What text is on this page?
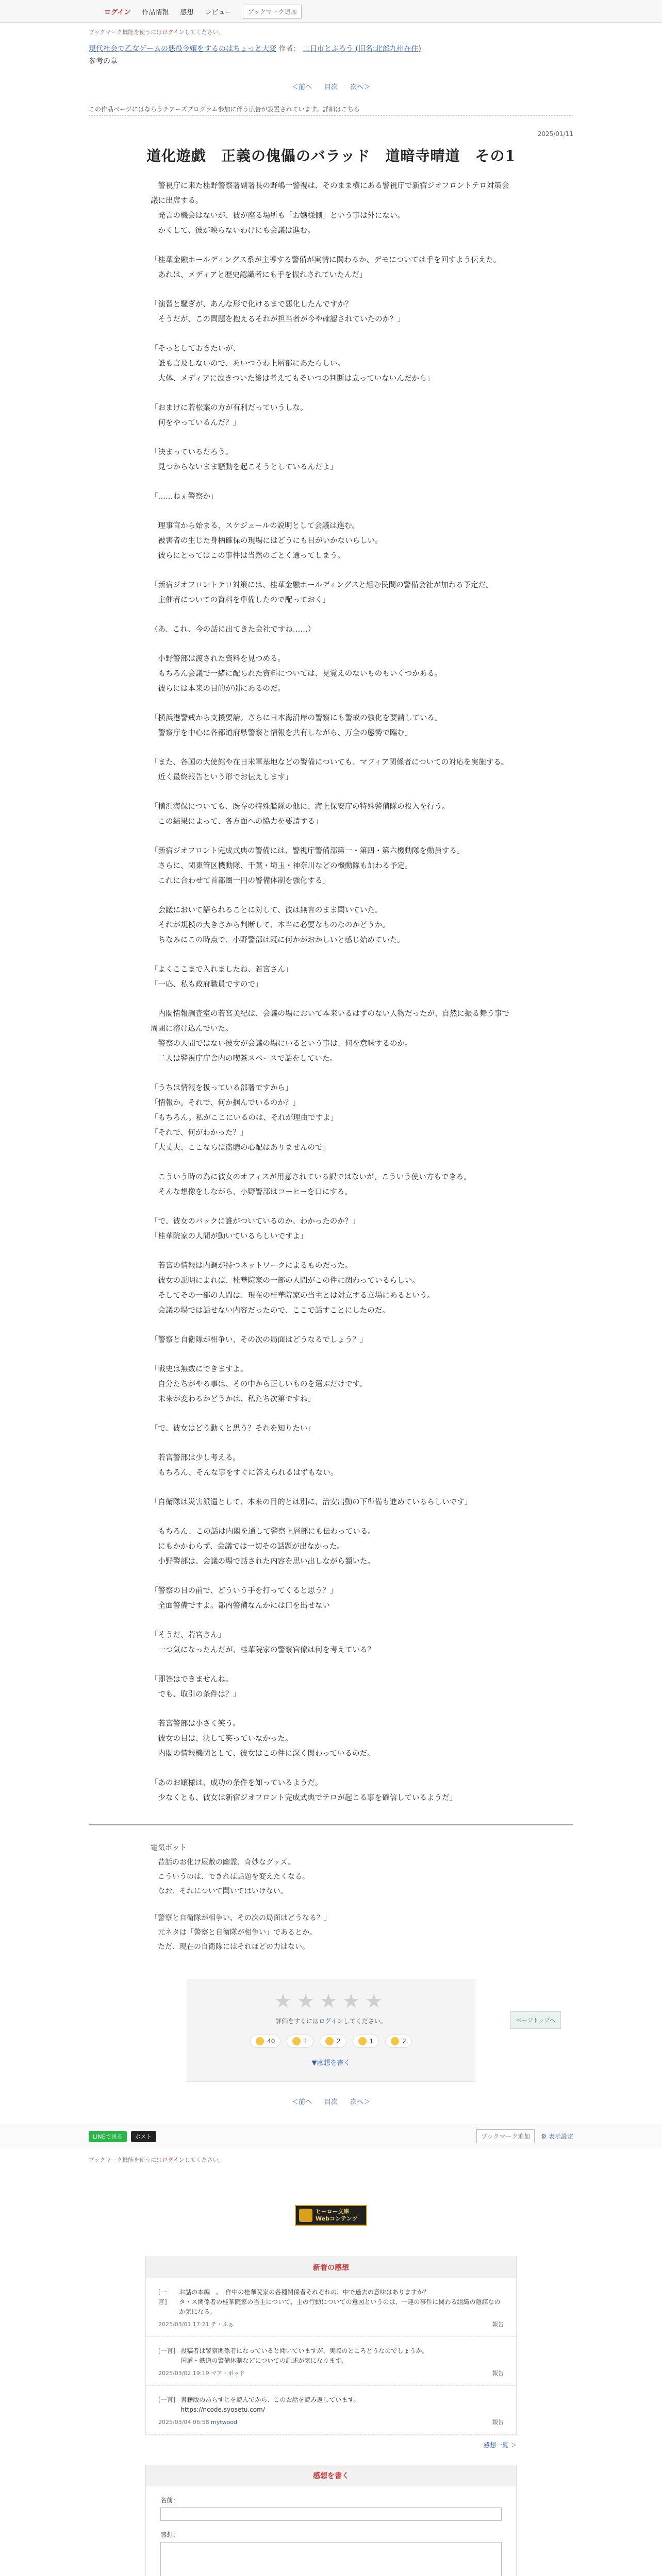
ログイン 作品情報 感想 レビュー	ブックマーク追加
ブックマーク機能を使うにはログインしてください。
現代社会で乙女ゲームの悪役令嬢をするのはちょっと大変 作者： 二日市とふろう (旧名:北部九州在住)
参考の章
＜前へ 目次 次へ＞
この作品ページにはなろうチアーズプログラム参加に伴う広告が設置されています。詳細はこちら
2025/01/11
道化遊戯　正義の傀儡のバラッド　道暗寺晴道　その1

　警視庁に来た桂野警察署副署長の野嶋一警視は、そのまま横にある警視庁で新宿ジオフロントテロ対策会議に出席する。

　発言の機会はないが、彼が座る場所も「お嬢様側」という事は外にない。

　かくして、彼が映らないわけにも会議は進む。

「桂華金融ホールディングス系が主導する警備が実情に関わるか、デモについては手を回すよう伝えた。

　あれは、メディアと歴史認識者にも手を振れされていたんだ」

「演習と騒ぎが、あんな形で化けるまで悪化したんですか？

　そうだが、この問題を抱えるそれが担当者が今や確認されていたのか？」

「そっとしておきたいが、

　誰も言及しないので、あいつうわ上層部にあたらしい。

　大体、メディアに泣きついた後は考えてもそいつの判断は立っていないんだから」

「おまけに若松案の方が有利だっていうしな。

　何をやっているんだ？」

「決まっているだろう。

　見つからないまま騒動を起こそうとしているんだよ」

「……ねぇ警察か」

　理事官から始まる、スケジュールの説明として会議は進む。

　被害者の生じた身柄確保の現場にはどうにも目がいかないらしい。

　彼らにとってはこの事件は当然のごとく通ってしまう。

「新宿ジオフロントテロ対策には、桂華金融ホールディングスと組む民間の警備会社が加わる予定だ。

　主催者についての資料を準備したので配っておく」

（あ、これ、今の話に出てきた会社ですね……）

　小野警部は渡された資料を見つめる。

　もちろん会議で一緒に配られた資料については、見覚えのないものもいくつかある。

　彼らには本来の目的が別にあるのだ。

「横浜港警戒から支援要請。さらに日本海沿岸の警察にも警戒の強化を要請している。

　警察庁を中心に各都道府県警察と情報を共有しながら、万全の態勢で臨む」

「また、各国の大使館や在日米軍基地などの警備についても、マフィア関係者についての対応を実施する。

　近く最終報告という形でお伝えします」

「横浜海保についても、既存の特殊艦隊の他に、海上保安庁の特殊警備隊の投入を行う。

　この結果によって、各方面への協力を要請する」

「新宿ジオフロント完成式典の警備には、警視庁警備部第一・第四・第六機動隊を動員する。

　さらに、関東管区機動隊、千葉・埼玉・神奈川などの機動隊も加わる予定。

　これに合わせて首都圏一円の警備体制を強化する」

　会議において語られることに対して、彼は無言のまま聞いていた。

　それが規模の大きさから判断して、本当に必要なものなのかどうか。

　ちなみにこの時点で、小野警部は既に何かがおかしいと感じ始めていた。

「よくここまで入れましたね、若宮さん」

「一応、私も政府職員ですので」

　内閣情報調査室の若宮美紀は、会議の場において本来いるはずのない人物だったが、自然に振る舞う事で周囲に溶け込んでいた。

　警察の人間ではない彼女が会議の場にいるという事は、何を意味するのか。

　二人は警視庁庁舎内の喫茶スペースで話をしていた。

「うちは情報を扱っている部署ですから」

「情報か。それで、何か掴んでいるのか？」

「もちろん。私がここにいるのは、それが理由ですよ」

「それで、何がわかった？」

「大丈夫、ここならば盗聴の心配はありませんので」

　こういう時の為に彼女のオフィスが用意されている訳ではないが、こういう使い方もできる。

　そんな想像をしながら、小野警部はコーヒーを口にする。

「で、彼女のバックに誰がついているのか、わかったのか？」

「桂華院家の人間が動いているらしいですよ」

　若宮の情報は内調が持つネットワークによるものだった。

　彼女の説明によれば、桂華院家の一部の人間がこの件に関わっているらしい。

　そしてその一部の人間は、現在の桂華院家の当主とは対立する立場にあるという。

　会議の場では話せない内容だったので、ここで話すことにしたのだ。

「警察と自衛隊が相争い、その次の局面はどうなるでしょう？」

「戦史は無数にできますよ。

　自分たちがやる事は、その中から正しいものを選ぶだけです。

　未来が変わるかどうかは、私たち次第ですね」

「で、彼女はどう動くと思う？それを知りたい」

　若宮警部は少し考える。

　もちろん、そんな事をすぐに答えられるはずもない。

「自衛隊は災害派遣として、本来の目的とは別に、治安出動の下準備も進めているらしいです」

　もちろん、この話は内閣を通して警察上層部にも伝わっている。

　にもかかわらず、会議では一切その話題が出なかった。

　小野警部は、会議の場で話された内容を思い出しながら頷いた。

「警察の目の前で、どういう手を打ってくると思う？」

　全面警備ですよ。都内警備なんかには口を出せない

「そうだ、若宮さん」

　一つ気になったんだが、桂華院家の警察官僚は何を考えている？

「即答はできませんね。

　でも、取引の条件は？」

　若宮警部は小さく笑う。

　彼女の目は、決して笑っていなかった。

　内閣の情報機関として、彼女はこの件に深く関わっているのだ。

「あのお嬢様は、成功の条件を知っているようだ。

　少なくとも、彼女は新宿ジオフロント完成式典でテロが起こる事を確信しているようだ」

電気ボット

　昔話のお化け屋敷の幽霊、奇妙なグッズ。

　こういうのは、できれば話題を変えたくなる。

　なお、それについて聞いてはいけない。

「警察と自衛隊が相争い、その次の局面はどうなる？」

　元ネタは「警察と自衛隊が相争い」であるとか。

　ただ、現在の自衛隊にはそれほどの力はない。

★★★★★
評価をするにはログインしてください。
40	1	2	1	2
▼感想を書く
＜前へ 目次 次へ＞
ページトップへ
LINEで送る	ポスト	ブックマーク追加	⚙ 表示設定
ブックマーク機能を使うにはログインしてください。
ヒーロー文庫
Webコンテンツ
新着の感想
[一言]
お話の本編　、　作中の桂華院家の各種関係者それぞれの、中で過去の意味はありますか？
タ・ス関係者の桂華院家の当主について、主の行動についての意図というのは、一連の事件に関わる組織の陰謀なのか気になる。
2025/03/01 17:21 チ・ふぁ	報告
[一言] 投稿者は警察関係者になっていると聞いていますが、実際のところどうなのでしょうか。
国道・鉄道の警備体制などについての記述が気になります。
2025/03/02 19:19 マア・ポッド	報告
[一言] 書籍版のあらすじを読んでから、このお話を読み返しています。
https://ncode.syosetu.com/
2025/03/04 06:58 mytwood	報告
感想一覧 ＞
感想を書く
名前：
感想：
